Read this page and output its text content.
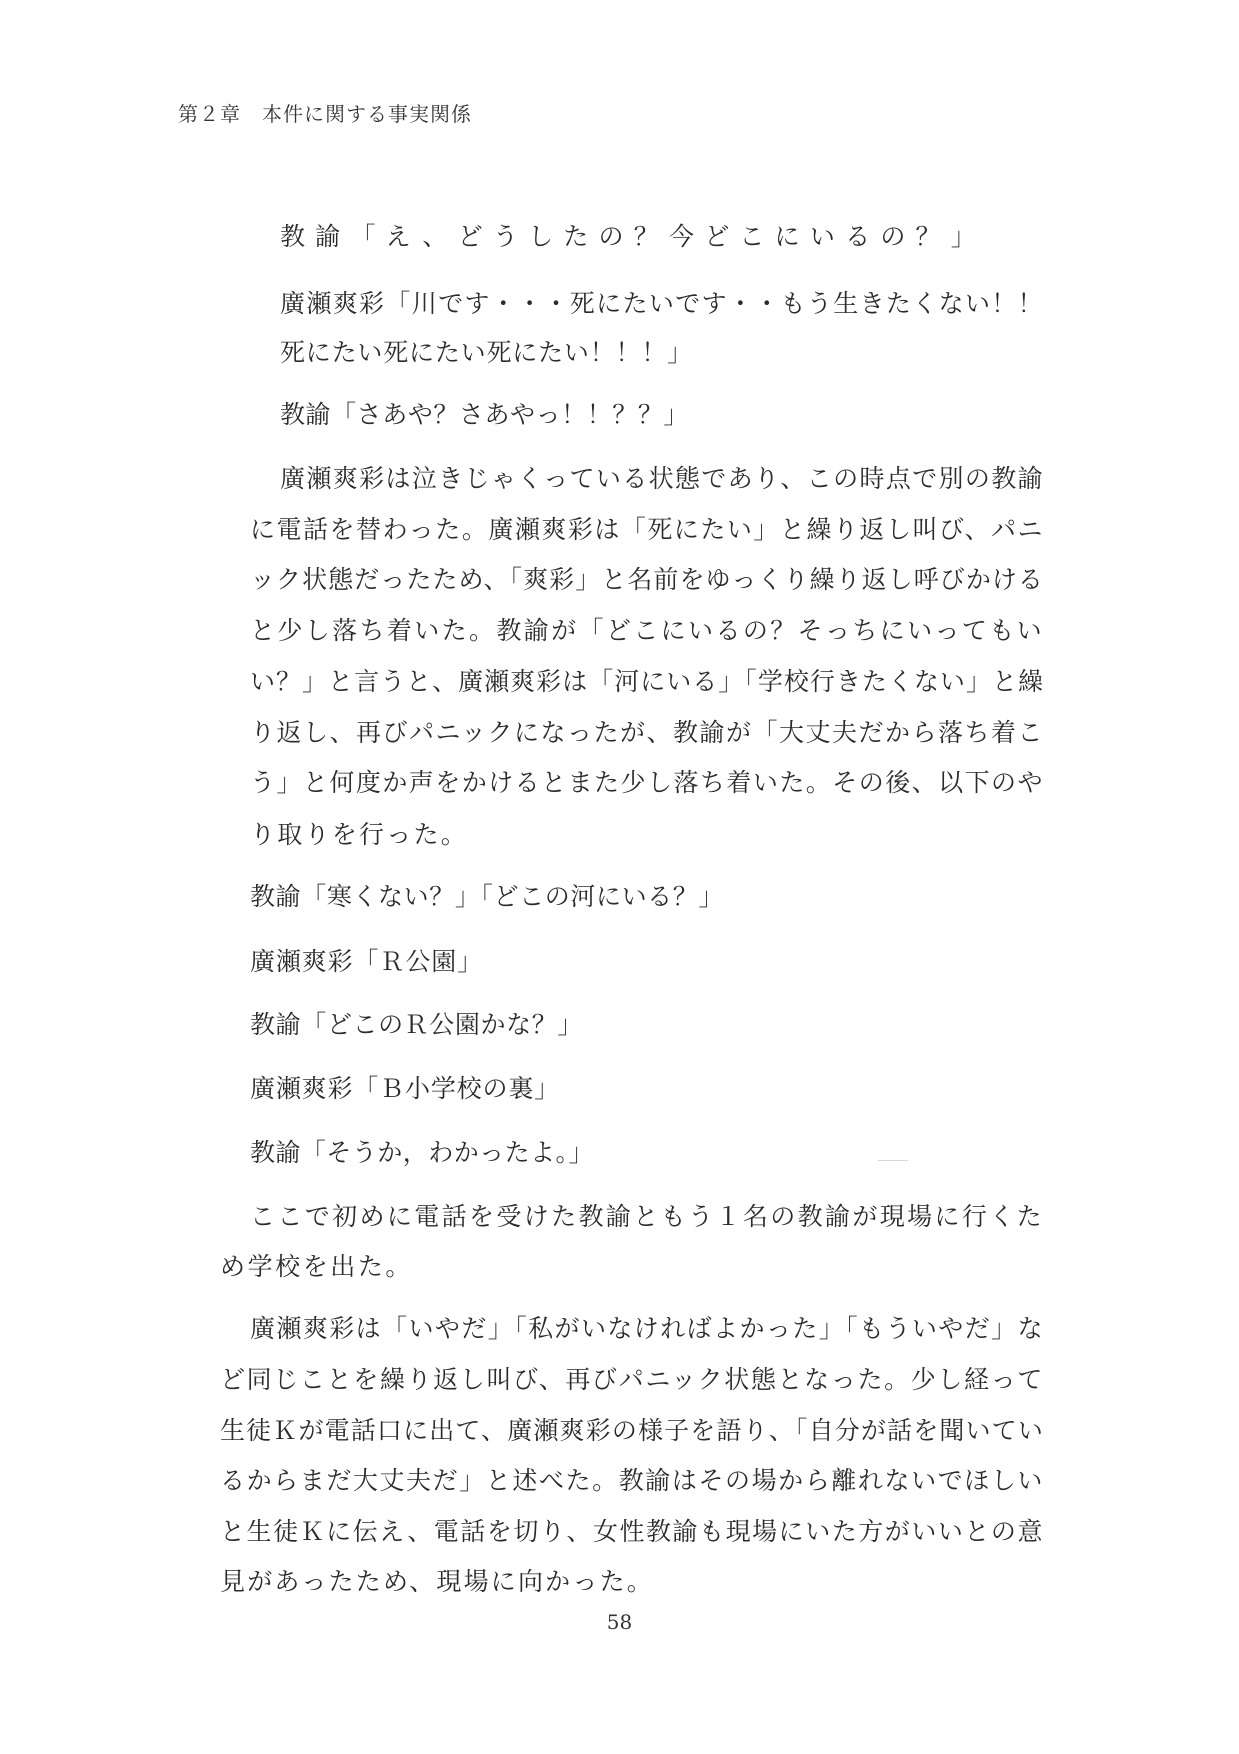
第２章　本件に関する事実関係
教諭「え、どうしたの？今どこにいるの？」
廣瀬爽彩「川です・・・死にたいです・・もう生きたくない！！
死にたい死にたい死にたい！！！」
教諭「さあや？さあやっ！！？？」
廣瀬爽彩は泣きじゃくっている状態であり、この時点で別の教諭
に電話を替わった。廣瀬爽彩は「死にたい」と繰り返し叫び、パニ
ック状態だったため、｢爽彩」と名前をゆっくり繰り返し呼びかける
と少し落ち着いた。教諭が「どこにいるの？そっちにいってもい
い？」と言うと、廣瀬爽彩は「河にいる」「学校行きたくない」と繰
り返し、再びパニックになったが、教諭が「大丈夫だから落ち着こ
う」と何度か声をかけるとまた少し落ち着いた。その後、以下のや
り取りを行った。
教諭「寒くない？」「どこの河にいる？」
廣瀬爽彩「Ｒ公園」
教諭「どこのＲ公園かな？」
廣瀬爽彩「Ｂ小学校の裏」
教諭「そうか，わかったよ。」
ここで初めに電話を受けた教諭ともう１名の教諭が現場に行くた
め学校を出た。
廣瀬爽彩は「いやだ」｢私がいなければよかった」｢もういやだ」な
ど同じことを繰り返し叫び、再びパニック状態となった。少し経って
生徒Ｋが電話口に出て、廣瀬爽彩の様子を語り、｢自分が話を聞いてい
るからまだ大丈夫だ」と述べた。教諭はその場から離れないでほしい
と生徒Ｋに伝え、電話を切り、女性教諭も現場にいた方がいいとの意
見があったため、現場に向かった。
58
